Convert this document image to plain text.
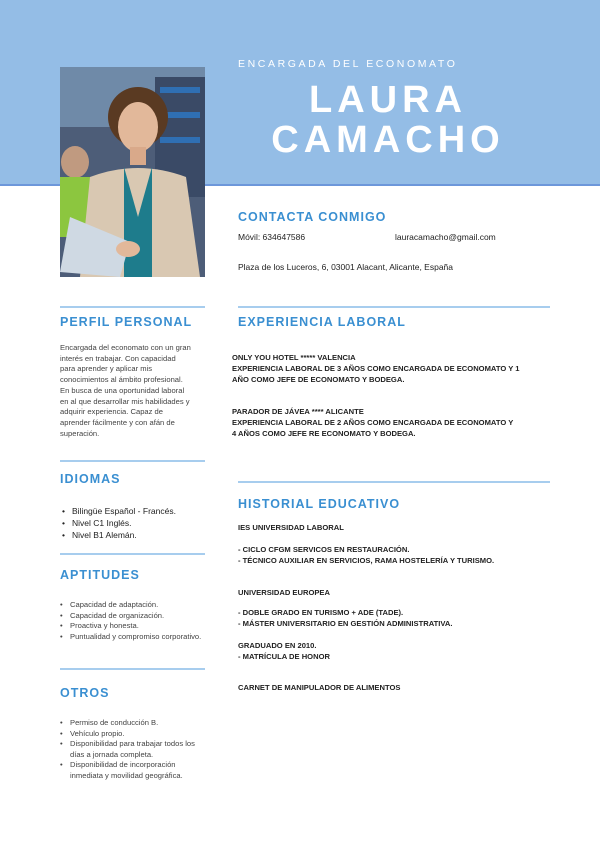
ENCARGADA DEL ECONOMATO
LAURA
CAMACHO
CONTACTA CONMIGO
Móvil: 634647586	lauracamacho@gmail.com
Plaza de los Luceros, 6, 03001 Alacant, Alicante, España
PERFIL PERSONAL
Encargada del economato con un gran
interés en trabajar. Con capacidad
para aprender y aplicar mis
conocimientos al ámbito profesional.
En busca de una oportunidad laboral
en al que desarrollar mis habilidades y
adquirir experiencia. Capaz de
aprender fácilmente y con afán de
superación.
IDIOMAS
• Bilingüe Español - Francés.
• Nivel C1 Inglés.
• Nivel B1 Alemán.
APTITUDES
• Capacidad de adaptación.
• Capacidad de organización.
• Proactiva y honesta.
• Puntualidad y compromiso corporativo.
OTROS
• Permiso de conducción B.
• Vehículo propio.
• Disponibilidad para trabajar todos los días a jornada completa.
• Disponibilidad de incorporación inmediata y movilidad geográfica.
EXPERIENCIA LABORAL
ONLY YOU HOTEL ***** VALENCIA
EXPERIENCIA LABORAL DE 3 AÑOS COMO ENCARGADA DE ECONOMATO Y 1
AÑO COMO JEFE DE ECONOMATO Y BODEGA.
PARADOR DE JÁVEA **** ALICANTE
EXPERIENCIA LABORAL DE 2 AÑOS COMO ENCARGADA DE ECONOMATO Y
4 AÑOS COMO JEFE RE ECONOMATO Y BODEGA.
HISTORIAL EDUCATIVO
IES UNIVERSIDAD LABORAL
- CICLO CFGM SERVICOS EN RESTAURACIÓN.
- TÉCNICO AUXILIAR EN SERVICIOS, RAMA HOSTELERÍA Y TURISMO.
UNIVERSIDAD EUROPEA
- DOBLE GRADO EN TURISMO + ADE (TADE).
- MÁSTER UNIVERSITARIO EN GESTIÓN ADMINISTRATIVA.
GRADUADO EN 2010.
- MATRÍCULA DE HONOR
CARNET DE MANIPULADOR DE ALIMENTOS
